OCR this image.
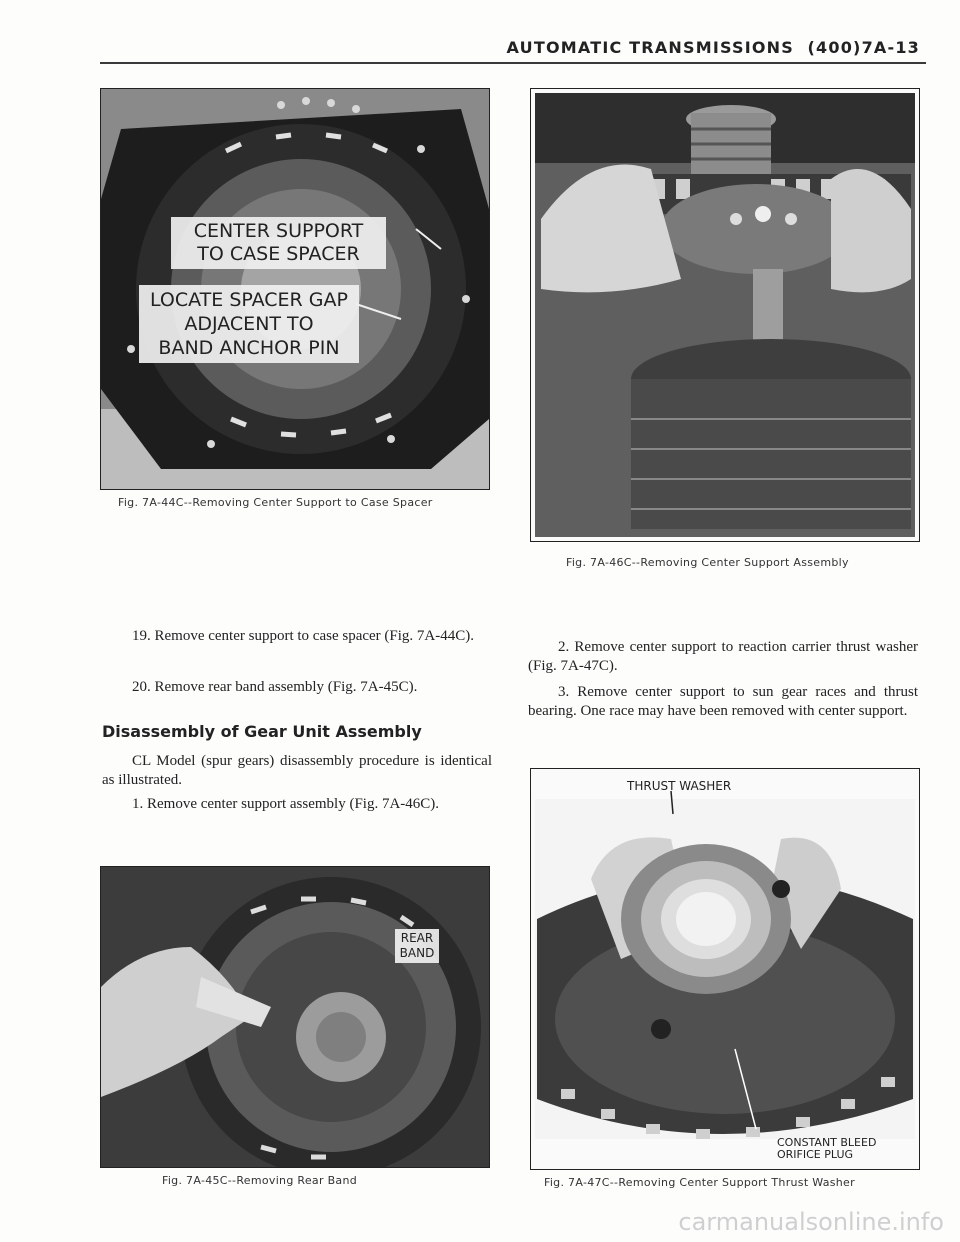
AUTOMATIC TRANSMISSIONS (400)7A-13
CENTER SUPPORT
TO CASE SPACER
LOCATE SPACER GAP
ADJACENT TO
BAND ANCHOR PIN
Fig. 7A-44C--Removing Center Support to Case Spacer
Fig. 7A-46C--Removing Center Support Assembly
19. Remove center support to case spacer (Fig. 7A-44C).
20. Remove rear band assembly (Fig. 7A-45C).
Disassembly of Gear Unit Assembly
CL Model (spur gears) disassembly procedure is identical as illustrated.
1. Remove center support assembly (Fig. 7A-46C).
2. Remove center support to reaction carrier thrust washer (Fig. 7A-47C).
3. Remove center support to sun gear races and thrust bearing. One race may have been removed with center support.
REAR
BAND
Fig. 7A-45C--Removing Rear Band
THRUST WASHER
CONSTANT BLEED
ORIFICE PLUG
Fig. 7A-47C--Removing Center Support Thrust Washer
carmanualsonline.info
